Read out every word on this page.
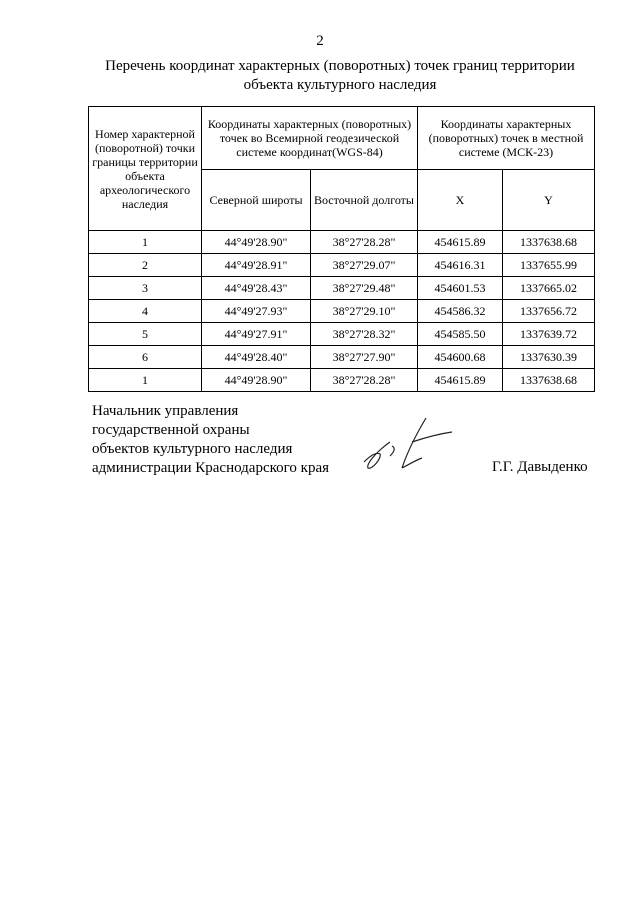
2
Перечень координат характерных (поворотных) точек границ территории
объекта культурного наследия
Номер характерной (поворотной) точки границы территории объекта археологического наследия	Координаты характерных (поворотных) точек во Всемирной геодезической системе координат(WGS-84)		Координаты характерных (поворотных) точек в местной системе (МСК-23)	
	Северной широты	Восточной долготы	X	Y
1	44°49'28.90"	38°27'28.28"	454615.89	1337638.68
2	44°49'28.91"	38°27'29.07"	454616.31	1337655.99
3	44°49'28.43"	38°27'29.48"	454601.53	1337665.02
4	44°49'27.93"	38°27'29.10"	454586.32	1337656.72
5	44°49'27.91"	38°27'28.32"	454585.50	1337639.72
6	44°49'28.40"	38°27'27.90"	454600.68	1337630.39
1	44°49'28.90"	38°27'28.28"	454615.89	1337638.68
Начальник управления
государственной охраны
объектов культурного наследия
администрации Краснодарского края	Г.Г. Давыденко
